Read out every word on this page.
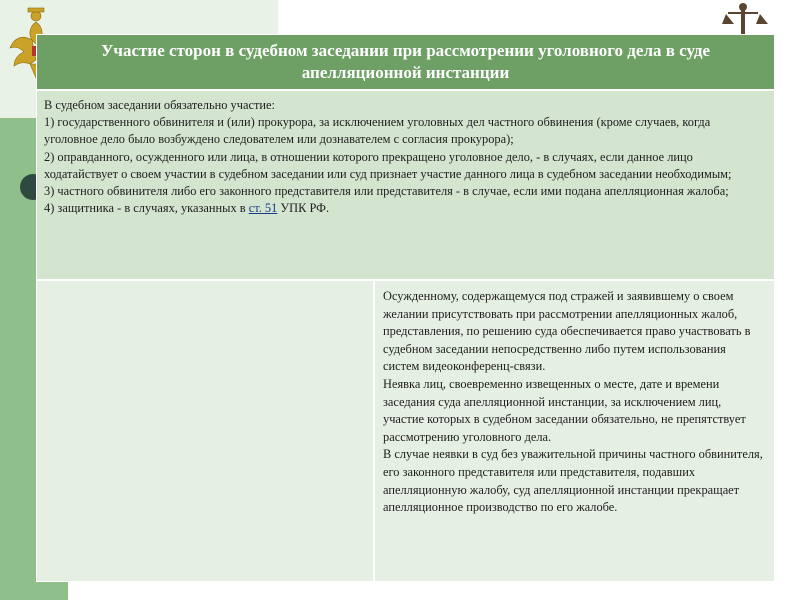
Участие сторон в судебном заседании при рассмотрении уголовного дела в суде апелляционной инстанции

В судебном заседании обязательно участие:

1) государственного обвинителя и (или) прокурора, за исключением уголовных дел частного обвинения (кроме случаев, когда уголовное дело было возбуждено следователем или дознавателем с согласия прокурора);

2) оправданного, осужденного или лица, в отношении которого прекращено уголовное дело, - в случаях, если данное лицо ходатайствует о своем участии в судебном заседании или суд признает участие данного лица в судебном заседании необходимым;

3) частного обвинителя либо его законного представителя или представителя - в случае, если ими подана апелляционная жалоба;

4) защитника - в случаях, указанных в ст. 51 УПК РФ.

Осужденному, содержащемуся под стражей и заявившему о своем желании присутствовать при рассмотрении апелляционных жалоб, представления, по решению суда обеспечивается право участвовать в судебном заседании непосредственно либо путем использования систем видеоконференц-связи.

Неявка лиц, своевременно извещенных о месте, дате и времени заседания суда апелляционной инстанции, за исключением лиц, участие которых в судебном заседании обязательно, не препятствует рассмотрению уголовного дела.

В случае неявки в суд без уважительной причины частного обвинителя, его законного представителя или представителя, подавших апелляционную жалобу, суд апелляционной инстанции прекращает апелляционное производство по его жалобе.
